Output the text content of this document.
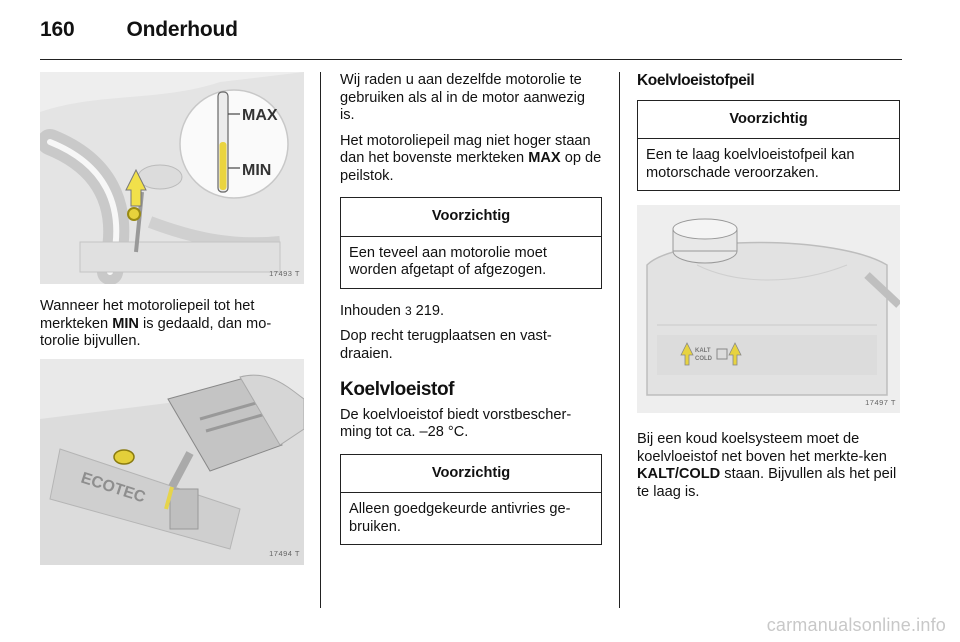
160 Onderhoud
MAX
MIN
17493 T

Wanneer het motoroliepeil tot het merkteken MIN is gedaald, dan mo-torolie bijvullen.

ECOTEC
17494 T

Wij raden u aan dezelfde motorolie te gebruiken als al in de motor aanwezig is.

Het motoroliepeil mag niet hoger staan dan het bovenste merkteken MAX op de peilstok.

Voorzichtig
Een teveel aan motorolie moet worden afgetapt of afgezogen.

Inhouden 3 219.

Dop recht terugplaatsen en vast-draaien.

Koelvloeistof

De koelvloeistof biedt vorstbescher-ming tot ca. –28 °C.

Voorzichtig
Alleen goedgekeurde antivries ge-bruiken.
Koelvloeistofpeil
Voorzichtig
Een te laag koelvloeistofpeil kan motorschade veroorzaken.
KALT
COLD
17497 T

Bij een koud koelsysteem moet de koelvloeistof net boven het merkte-ken KALT/COLD staan. Bijvullen als het peil te laag is.

carmanualsonline.info
